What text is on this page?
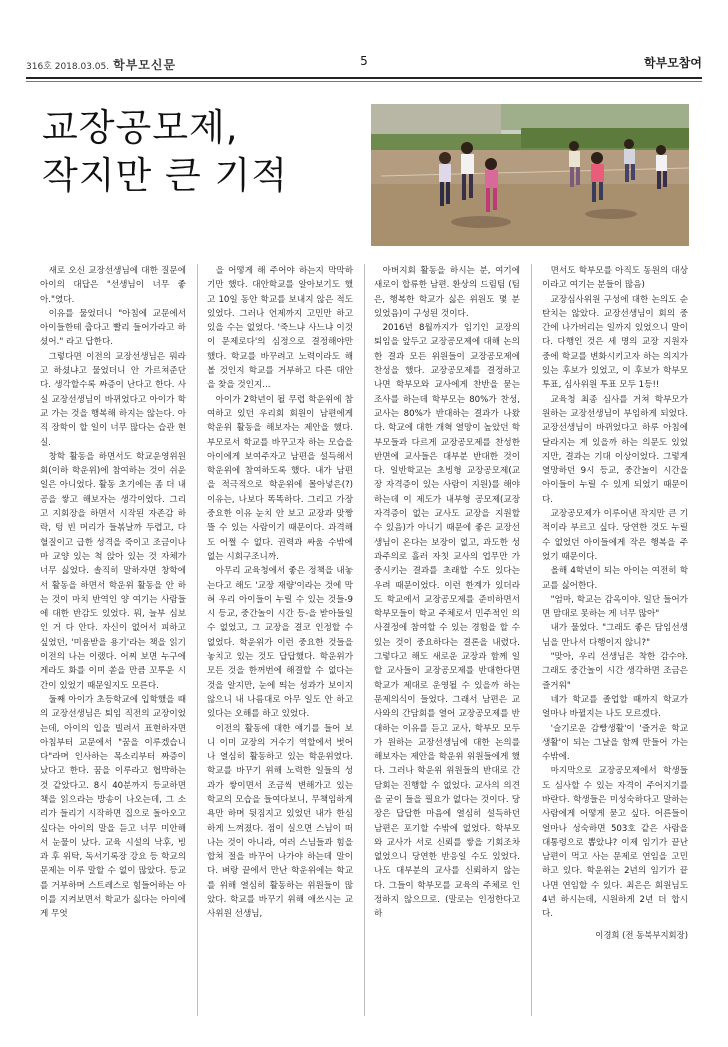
316호 2018.03.05. 학부모신문	5	학부모참여
교장공모제,
작지만 큰 기적

새로 오신 교장선생님에 대한 질문에 아이의 대답은 "선생님이 너무 좋아."였다.

이유를 물었더니 "아침에 교문에서 아이들한테 춥다고 빨리 들어가라고 하셨어." 라고 답한다.

그렇다면 이전의 교장선생님은 뭐라고 하셨냐고 물었더니 안 가르쳐준단다. 생각할수록 짜증이 난다고 한다. 사실 교장선생님이 바뀌었다고 아이가 학교 가는 것을 행복해 하지는 않는다. 아직 장학이 할 일이 너무 많다는 습관 현실.

창학 활동을 하면서도 학교운영위원회(이하 학운위)에 참여하는 것이 쉬운 일은 아니었다. 활동 초기에는 좀 더 내공을 쌓고 해보자는 생각이었다. 그리고 지회장을 하면서 시작된 자존감 하락, 텅 빈 머리가 들볶날까 두렵고, 다혈질이고 급한 성격을 죽이고 조금이나마 교양 있는 척 앉아 있는 것 자체가 너무 싫었다. 솔직히 말하자면 창학에서 활동을 하면서 학운위 활동을 안 하는 것이 마치 반역인 양 여기는 사람들에 대한 반감도 있었다. 뭐, 늘부 심보인 거 다 안다. 자신이 없어서 피하고 싶었던, '미움받을 용기'라는 책을 읽기 이전의 나는 이랬다. 어찌 보면 누구에게라도 화를 이미 쏟을 만큼 꼬투운 시간이 있었기 때문일지도 모른다.

둘째 아이가 초등학교에 입학했을 때의 교장선생님은 퇴임 직전의 교장이었는데, 아이의 입을 빌려서 표현하자면 아침부터 교문에서 "꿈을 이루겠습니다"라며 인사하는 목소리부터 짜증이 났다고 한다. 꿈을 이루라고 협박하는 것 같았다고. 8시 40분까지 등교하면 책을 읽으라는 방송이 나오는데, 그 소리가 들리기 시작하면 집으로 돌아오고 싶다는 아이의 말을 듣고 너무 미안해서 눈물이 났다. 교육 시설의 낙후, 빙과 후 위탁, 독서기록장 강요 등 학교의 문제는 이루 말할 수 없이 많았다. 등교를 거부하며 스트레스로 힘들어하는 아이를 지켜보면서 학교가 싫다는 아이에게 무엇

을 어떻게 해 주어야 하는지 막막하기만 했다. 대안학교를 알아보기도 했고 10일 동안 학교를 보내지 않은 적도 있었다. 그러나 언제까지 고민만 하고 있을 수는 없었다. '죽느냐 사느냐 이것이 문제로다'의 심정으로 결정해야만 했다. 학교를 바꾸려고 노력이라도 해 볼 것인지 학교를 거부하고 다른 대안을 찾을 것인지...

아이가 2학년이 될 무렵 학운위에 참여하고 있던 우리회 회원이 남편에게 학운위 활동을 해보자는 제안을 했다. 부모로서 학교를 바꾸고자 하는 모습을 아이에게 보여주자고 남편을 설득해서 학운위에 참여하도록 했다. 내가 남편을 적극적으로 학운위에 몰아넣은(?) 이유는, 나보다 똑똑하다. 그리고 가장 중요한 이유 눈치 안 보고 교장과 맞짱 뜰 수 있는 사람이기 때문이다. 과격해도 어쩔 수 없다. 권력과 싸움 수밖에 없는 시회구조니까.

아무리 교육청에서 좋은 정책을 내놓는다고 해도 '교장 재량'이라는 것에 막혀 우리 아이들이 누릴 수 있는 것들-9시 등교, 중간놀이 시간 등-을 받아들일 수 없었고, 그 교장을 결코 인정할 수 없었다. 학운위가 이런 중요한 것들을 놓치고 있는 것도 답답했다. 학운위가 모든 것을 한꺼번에 해결할 수 없다는 것을 알지만, 눈에 띄는 성과가 보이지 않으니 내 나름대로 아무 일도 안 하고 있다는 오해를 하고 있었다.

이전의 활동에 대한 얘기를 들어 보니 이미 교장의 거수기 역할에서 벗어나 열심히 활동하고 있는 학운위였다. 학교를 바꾸기 위해 노력한 일들의 성과가 쌓이면서 조금씩 변해가고 있는 학교의 모습을 들여다보니, 무책임하게 욕만 하며 뒷짐지고 있었던 내가 한심하게 느껴졌다. 점이 실으면 스님이 떠나는 것이 아니라, 여러 스님들과 힘을 합쳐 절을 바꾸어 나가야 하는데 말이다. 벼랑 끝에서 만난 학운위에는 학교를 위해 열심히 활동하는 위원들이 많았다. 학교를 바꾸기 위해 애쓰시는 교사위원 선생님,

아버지회 활동을 하시는 분, 여기에 새로이 합류한 남편. 환상의 드림팀 (팀은, 행복한 학교가 싫은 위원도 몇 분 있었음)이 구성된 것이다.

2016년 8월까지가 임기인 교장의 퇴임을 앞두고 교장공모제에 대해 논의한 결과 모든 위원들이 교장공모제에 찬성을 했다. 교장공모제를 결정하고 나면 학부모와 교사에게 찬반을 묻는 조사를 하는데 학부모는 80%가 찬성, 교사는 80%가 반대하는 결과가 나왔다. 학교에 대한 개혁 열망이 높았던 학부모들과 다르게 교장공모제를 찬성한 반면에 교사들은 대부분 반대한 것이다. 일반학교는 초빙형 교장공모제(교장 자격증이 있는 사람이 지원)를 해야 하는데 이 제도가 내부형 공모제(교장 자격증이 없는 교사도 교장을 지원할 수 있음)가 아니기 때문에 좋은 교장선생님이 온다는 보장이 없고, 과도한 성과주의로 흘러 자칫 교사의 업무만 가중시키는 결과를 초래할 수도 있다는 우려 때문이었다. 이런 한계가 있더라도 학교에서 교장공모제를 준비하면서 학부모들이 학교 주체로서 민주적인 의사결정에 참여할 수 있는 경험을 할 수 있는 것이 중요하다는 결론을 내렸다. 그렇다고 해도 새로운 교장과 함께 일할 교사들이 교장공모제를 반대한다면 학교가 제대로 운영될 수 있을까 하는 문제의식이 들었다. 그래서 남편은 교사와의 간담회를 열어 교장공모제를 반대하는 이유를 듣고 교사, 학부모 모두가 원하는 교장선생님에 대한 논의를 해보자는 제안을 학운위 위원들에게 했다. 그러나 학운위 위원들의 반대로 간담회는 진행할 수 없었다. 교사의 의견을 굳이 들을 필요가 없다는 것이다. 당장은 답답한 마음에 열심히 설득하던 남편은 포기할 수밖에 없었다. 학부모와 교사가 서로 신뢰를 쌓을 기회조차 없었으니 당연한 반응일 수도 있었다. 나도 대부분의 교사를 신뢰하지 않는다. 그들이 학부모를 교육의 주체로 인정하지 않으므로. (말로는 인정한다고 하

면서도 학부모를 아직도 동원의 대상이라고 여기는 분들이 많음)

교장심사위원 구성에 대한 논의도 순탄치는 않았다. 교장선생님이 회의 중간에 나가버리는 일까지 있었으니 말이다. 다행인 것은 세 명의 교장 지원자 중에 학교를 변화시키고자 하는 의지가 있는 후보가 있었고, 이 후보가 학부모 투표, 심사위원 투표 모두 1등!!

교육청 최종 심사를 거쳐 학부모가 원하는 교장선생님이 부임하게 되었다. 교장선생님이 바뀌었다고 하루 아침에 달라지는 게 있을까 하는 의문도 있었지만, 결과는 기대 이상이었다. 그렇게 열망하던 9시 등교, 중간놀이 시간을 아이들이 누릴 수 있게 되었기 때문이다.

교장공모제가 이루어낸 작지만 큰 기적이라 부르고 싶다. 당연한 것도 누릴 수 없었던 아이들에게 작은 행복을 주었기 때문이다.

올해 4학년이 되는 아이는 여전히 학교를 싫어한다.

"엄마, 학교는 감옥이야. 일단 들어가면 맘대로 못하는 게 너무 많아"

내가 물었다. "그래도 좋은 담임선생님을 만나서 다행이지 않니?"

"맞아, 우리 선생님은 착한 감수야. 그래도 중간놀이 시간 생각하면 조금은 즐거워"

네가 학교를 졸업할 때까지 학교가 얼마나 바뀔지는 나도 모르겠다.

'슬기로운 감빵생활'이 '즐거운 학교생활'이 되는 그날을 함께 만들어 가는 수밖에.

마지막으로 교장공모제에서 학생들도 심사할 수 있는 자격이 주어지기를 바란다. 학생들은 미성숙하다고 말하는 사람에게 어떻게 묻고 싶다. 어른들이 얼마나 성숙하면 503호 같은 사람을 대통령으로 뽑았냐? 이제 임기가 끝난 남편이 먹고 사는 문제로 연임을 고민하고 있다. 학운위는 2년의 임기가 끝나면 연임할 수 있다. 최은은 회원님도 4년 하시는데, 시원하게 2년 더 합시다.

이경희 (전 동북부지회장)
